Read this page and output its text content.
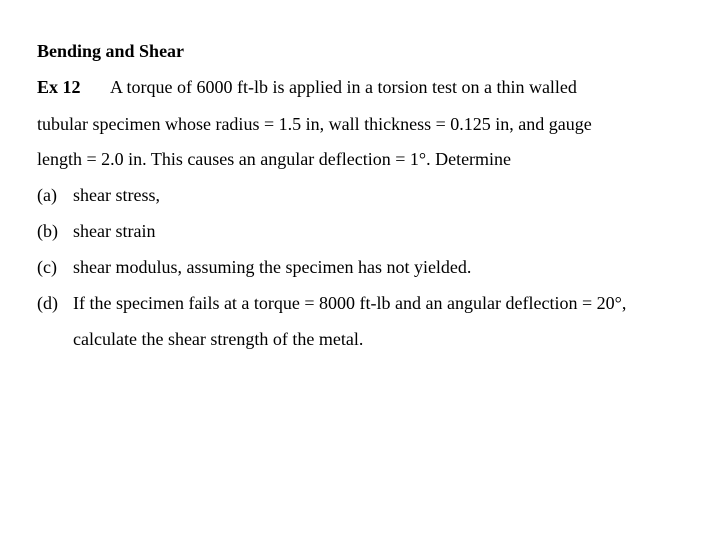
Bending and Shear
Ex 12 A torque of 6000 ft-lb is applied in a torsion test on a thin walled
tubular specimen whose radius = 1.5 in, wall thickness = 0.125 in, and gauge
length = 2.0 in. This causes an angular deflection = 1°. Determine
(a) shear stress,
(b) shear strain
(c) shear modulus, assuming the specimen has not yielded.
(d) If the specimen fails at a torque = 8000 ft-lb and an angular deflection = 20°,
calculate the shear strength of the metal.
